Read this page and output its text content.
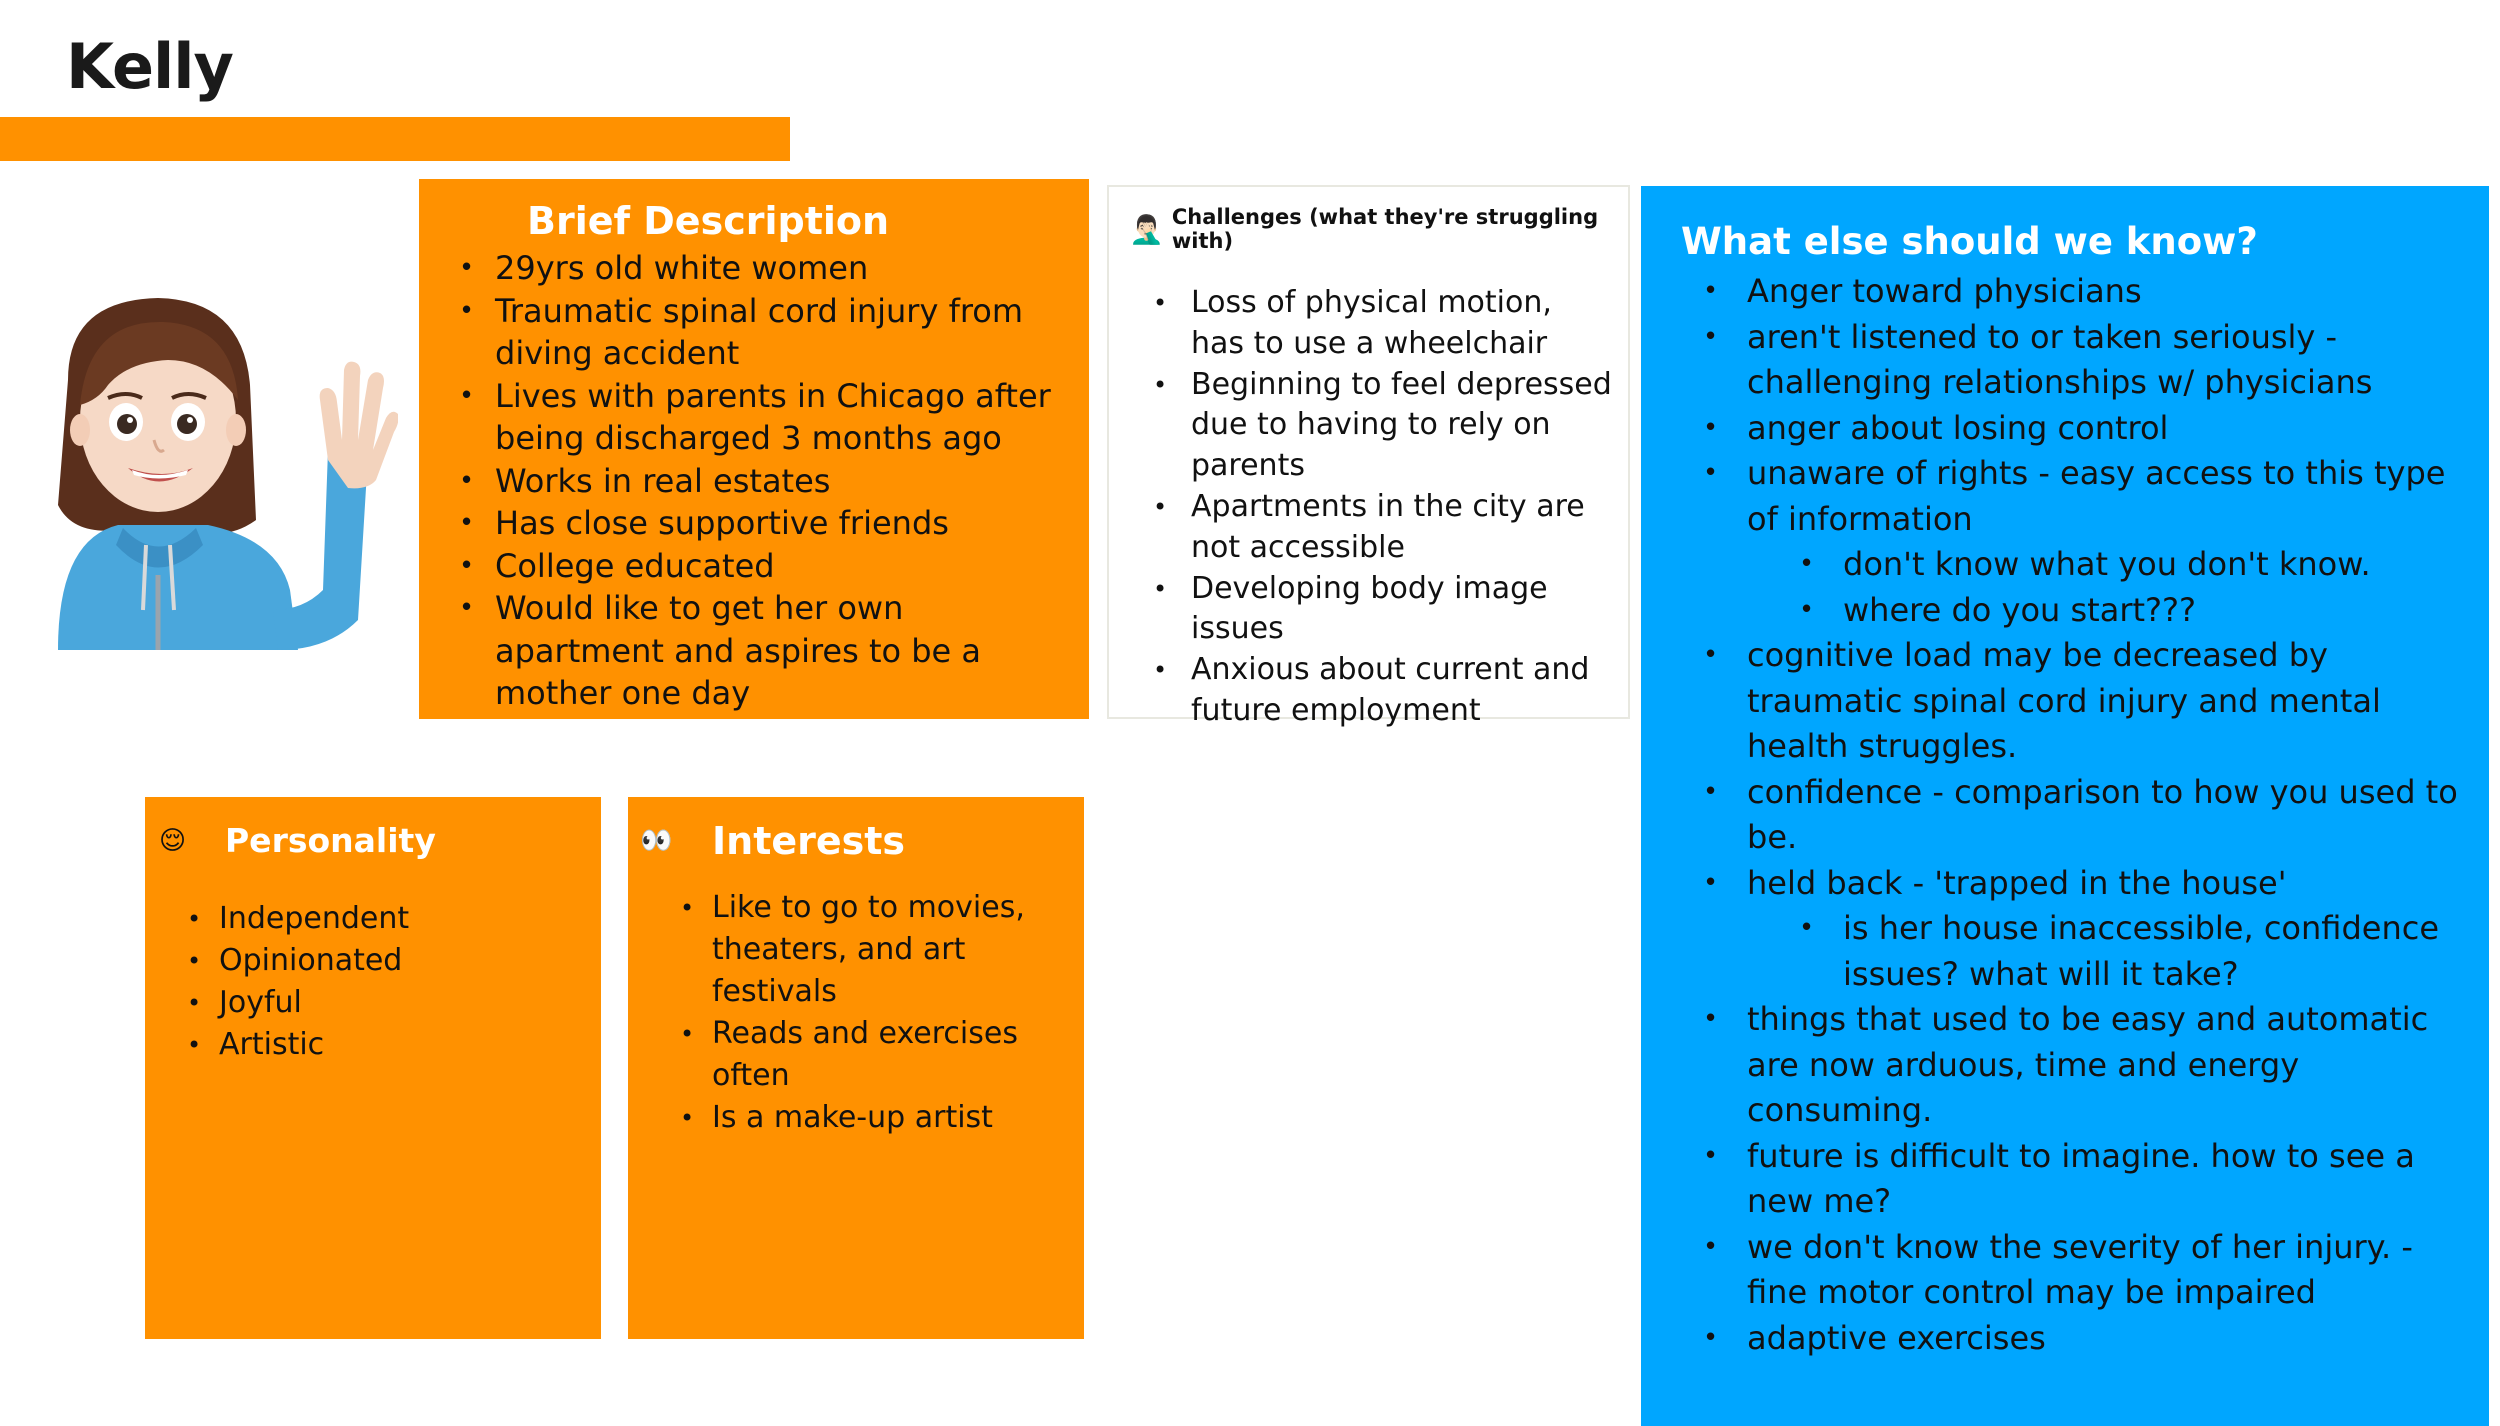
Kelly
Brief Description
• 29yrs old white women
• Traumatic spinal cord injury from diving accident
• Lives with parents in Chicago after being discharged 3 months ago
• Works in real estates
• Has close supportive friends
• College educated
• Would like to get her own apartment and aspires to be a mother one day
🤦🏻‍♂️ Challenges (what they're struggling with)
• Loss of physical motion, has to use a wheelchair
• Beginning to feel depressed due to having to rely on parents
• Apartments in the city are not accessible
• Developing body image issues
• Anxious about current and future employment
What else should we know?
• Anger toward physicians
• aren't listened to or taken seriously - challenging relationships w/ physicians
• anger about losing control
• unaware of rights - easy access to this type of information
• don't know what you don't know.
• where do you start???
• cognitive load may be decreased by traumatic spinal cord injury and mental health struggles.
• confidence - comparison to how you used to be.
• held back - 'trapped in the house'
• is her house inaccessible, confidence issues? what will it take?
• things that used to be easy and automatic are now arduous, time and energy consuming.
• future is difficult to imagine. how to see a new me?
• we don't know the severity of her injury. - fine motor control may be impaired
• adaptive exercises
😌	Personality
• Independent
• Opinionated
• Joyful
• Artistic
👀	Interests
• Like to go to movies, theaters, and art festivals
• Reads and exercises often
• Is a make-up artist
